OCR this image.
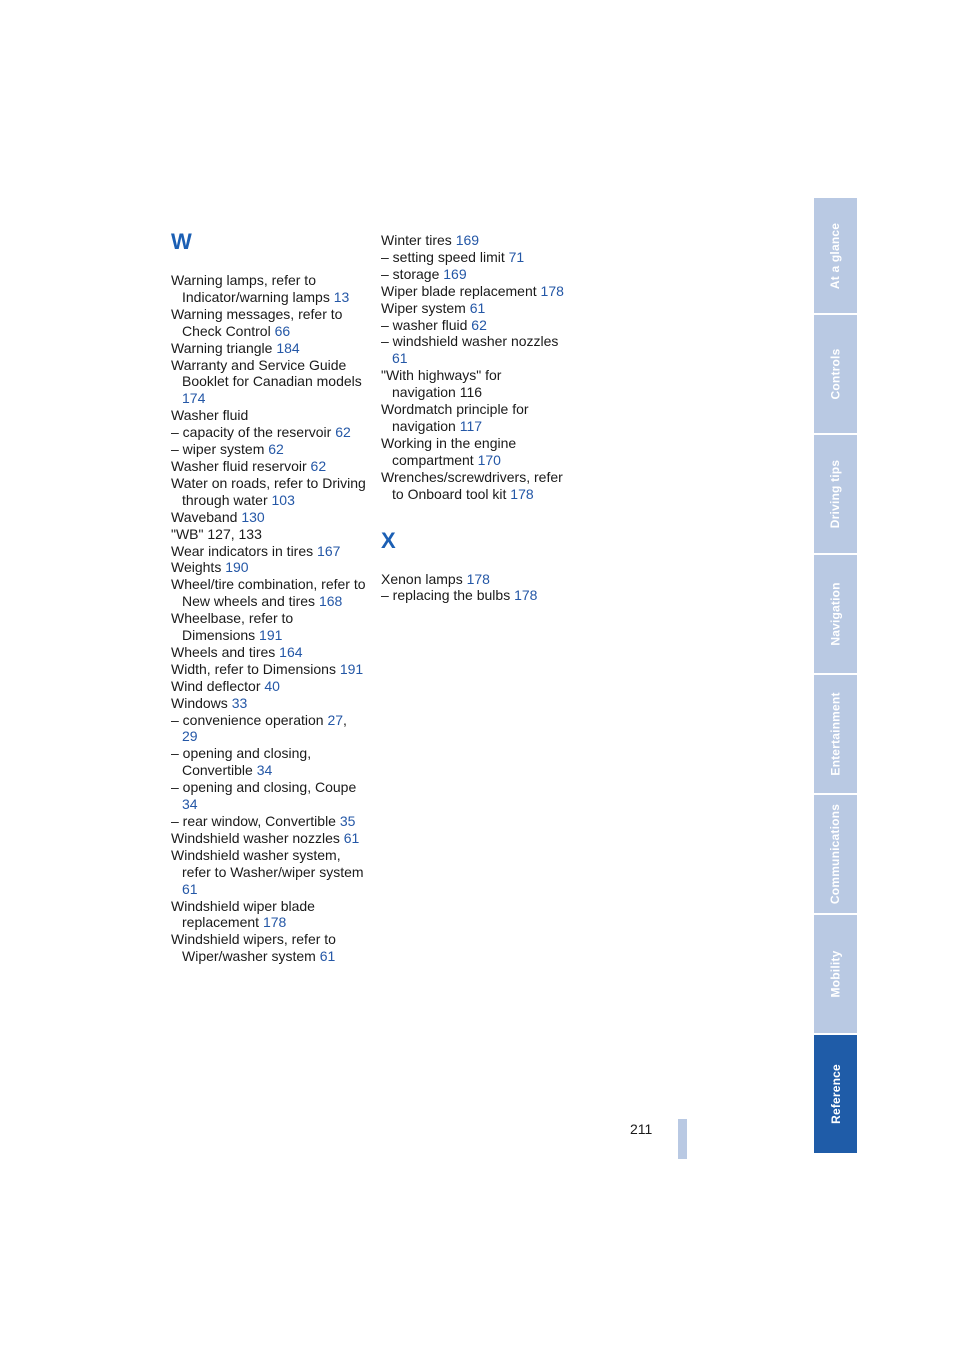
W
Warning lamps, refer to Indicator/warning lamps 13
Warning messages, refer to Check Control 66
Warning triangle 184
Warranty and Service Guide Booklet for Canadian models 174
Washer fluid
– capacity of the reservoir 62
– wiper system 62
Washer fluid reservoir 62
Water on roads, refer to Driving through water 103
Waveband 130
"WB" 127, 133
Wear indicators in tires 167
Weights 190
Wheel/tire combination, refer to New wheels and tires 168
Wheelbase, refer to Dimensions 191
Wheels and tires 164
Width, refer to Dimensions 191
Wind deflector 40
Windows 33
– convenience operation 27, 29
– opening and closing, Convertible 34
– opening and closing, Coupe 34
– rear window, Convertible 35
Windshield washer nozzles 61
Windshield washer system, refer to Washer/wiper system 61
Windshield wiper blade replacement 178
Windshield wipers, refer to Wiper/washer system 61
Winter tires 169
– setting speed limit 71
– storage 169
Wiper blade replacement 178
Wiper system 61
– washer fluid 62
– windshield washer nozzles 61
"With highways" for navigation 116
Wordmatch principle for navigation 117
Working in the engine compartment 170
Wrenches/screwdrivers, refer to Onboard tool kit 178
X
Xenon lamps 178
– replacing the bulbs 178
At a glance
Controls
Driving tips
Navigation
Entertainment
Communications
Mobility
Reference
211
